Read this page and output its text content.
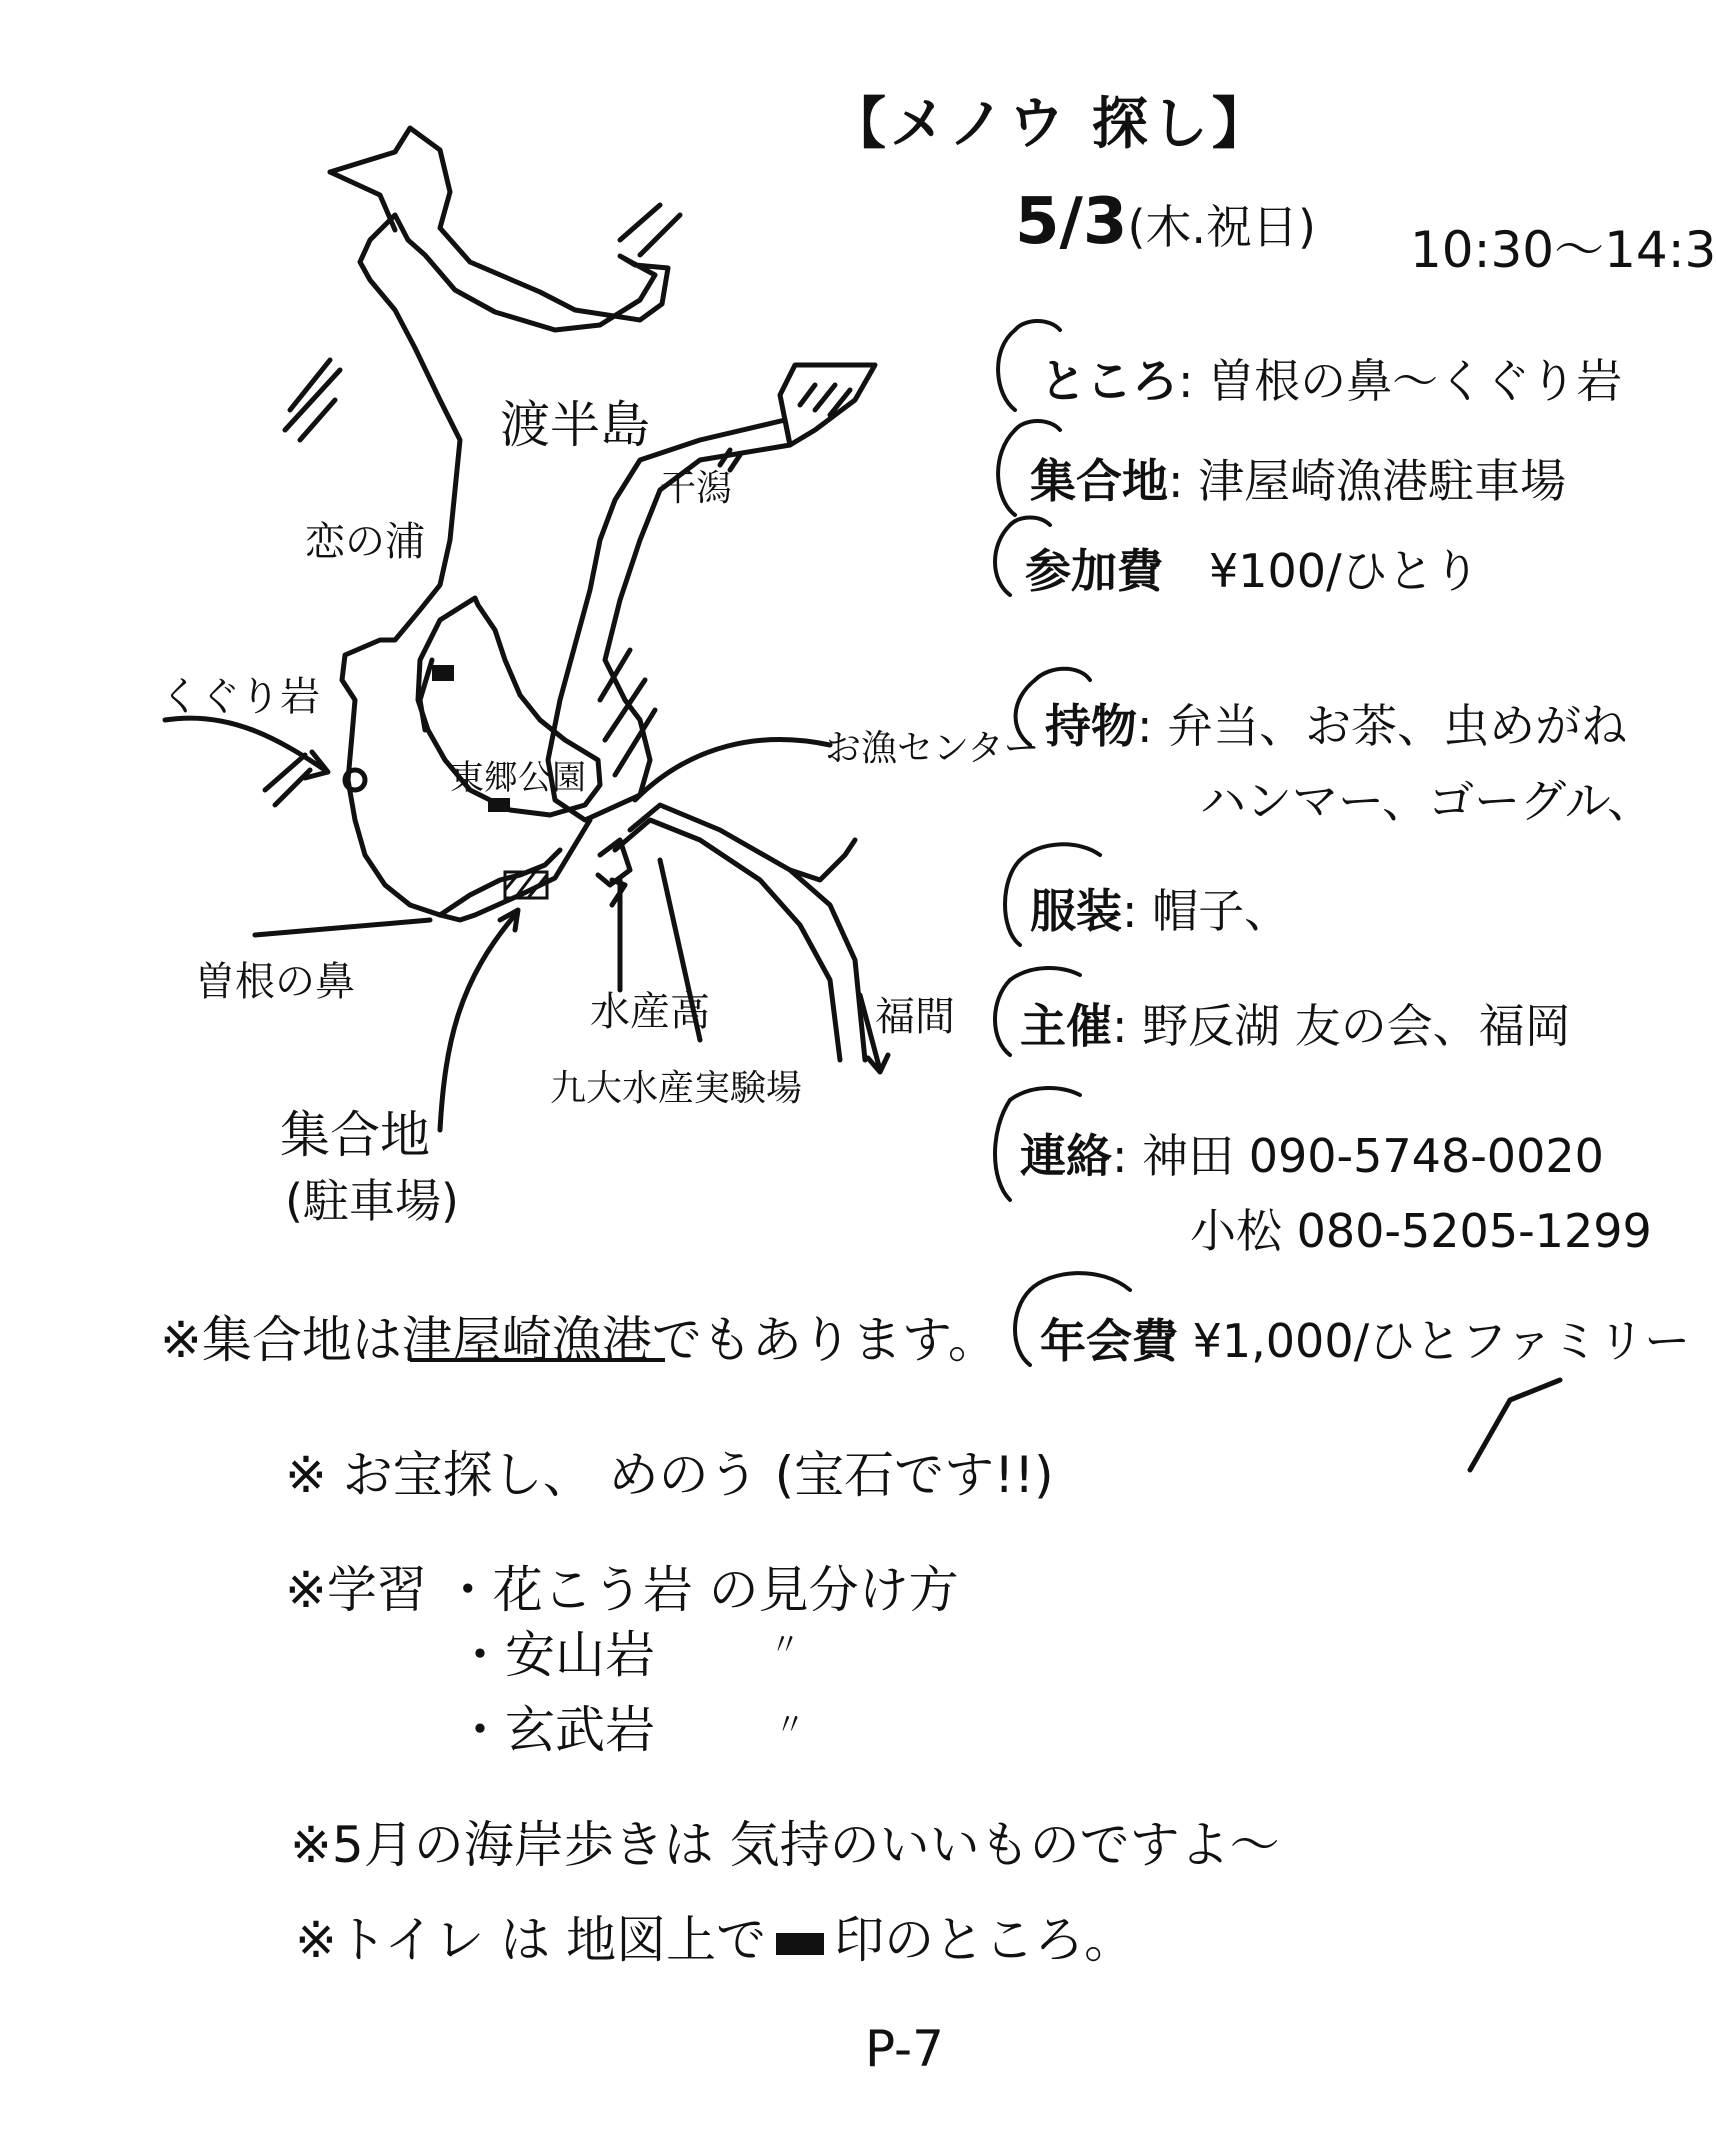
【メノウ 探し】
5/3(木.祝日) 10:30〜14:3
ところ: 曽根の鼻〜くぐり岩
集合地: 津屋崎漁港駐車場
参加費　 ¥100/ひとり
持物: 弁当、お茶、虫めがね
ハンマー、ゴーグル、
服装: 帽子、
主催: 野反湖 友の会、福岡
連絡: 神田 090-5748-0020
小松 080-5205-1299
年会費 ¥1,000/ひとファミリー
渡半島
恋の浦
くぐり岩
干潟
東郷公園
お漁センター
曽根の鼻
水産高
九大水産実験場
福間
集合地
(駐車場)
※集合地は津屋崎漁港でもあります。
※ お宝探し、 めのう (宝石です!!)
※学習 ・花こう岩 の見分け方
・安山岩	〃
・玄武岩	〃
※5月の海岸歩きは 気持のいいものですよ〜
※トイレ は 地図上で 印のところ。
P-7
